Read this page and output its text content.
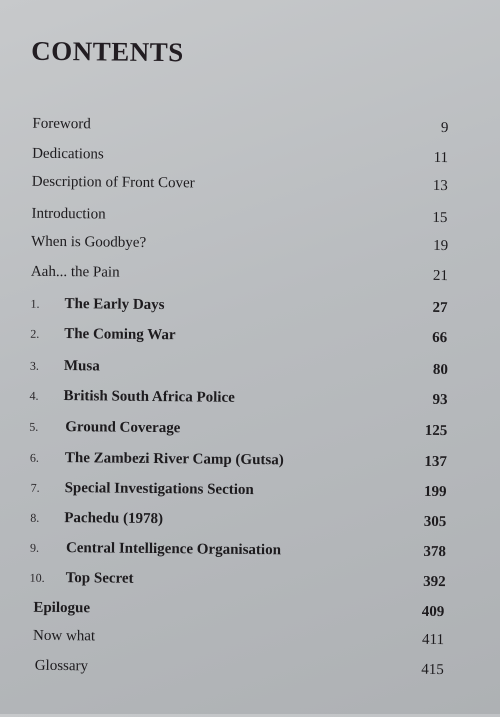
CONTENTS
Foreword	9
Dedications	11
Description of Front Cover	13
Introduction	15
When is Goodbye?	19
Aah... the Pain	21
1.	The Early Days	27
2.	The Coming War	66
3.	Musa	80
4.	British South Africa Police	93
5.	Ground Coverage	125
6.	The Zambezi River Camp (Gutsa)	137
7.	Special Investigations Section	199
8.	Pachedu (1978)	305
9.	Central Intelligence Organisation	378
10.	Top Secret	392
Epilogue	409
Now what	411
Glossary	415
